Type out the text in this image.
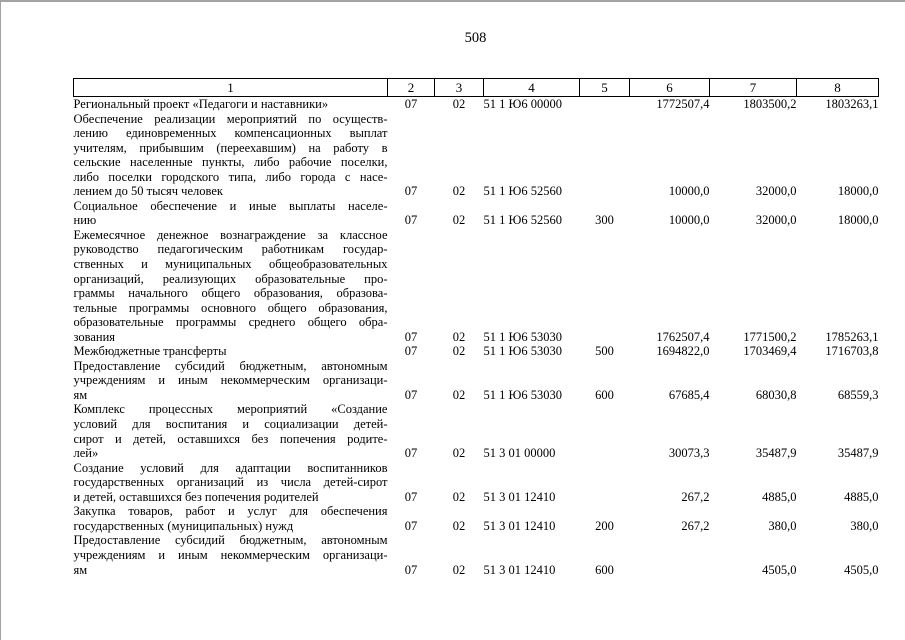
508
1	2	3	4	5	6	7	8

Региональный проект «Педагоги и наставники»	07	02	51 1 Ю6 00000		1772507,4	1803500,2	1803263,1

Обеспечение реализации мероприятий по осуществ-
лению единовременных компенсационных выплат
учителям, прибывшим (переехавшим) на работу в
сельские населенные пункты, либо рабочие поселки,
либо поселки городского типа, либо города с насе-
лением до 50 тысяч человек	07	02	51 1 Ю6 52560		10000,0	32000,0	18000,0

Социальное обеспечение и иные выплаты населе-
нию	07	02	51 1 Ю6 52560	300	10000,0	32000,0	18000,0

Ежемесячное денежное вознаграждение за классное
руководство педагогическим работникам государ-
ственных и муниципальных общеобразовательных
организаций, реализующих образовательные про-
граммы начального общего образования, образова-
тельные программы основного общего образования,
образовательные программы среднего общего обра-
зования	07	02	51 1 Ю6 53030		1762507,4	1771500,2	1785263,1

Межбюджетные трансферты	07	02	51 1 Ю6 53030	500	1694822,0	1703469,4	1716703,8

Предоставление субсидий бюджетным, автономным
учреждениям и иным некоммерческим организаци-
ям	07	02	51 1 Ю6 53030	600	67685,4	68030,8	68559,3

Комплекс процессных мероприятий «Создание
условий для воспитания и социализации детей-
сирот и детей, оставшихся без попечения родите-
лей»	07	02	51 3 01 00000		30073,3	35487,9	35487,9

Создание условий для адаптации воспитанников
государственных организаций из числа детей-сирот
и детей, оставшихся без попечения родителей	07	02	51 3 01 12410		267,2	4885,0	4885,0

Закупка товаров, работ и услуг для обеспечения
государственных (муниципальных) нужд	07	02	51 3 01 12410	200	267,2	380,0	380,0

Предоставление субсидий бюджетным, автономным
учреждениям и иным некоммерческим организаци-
ям	07	02	51 3 01 12410	600		4505,0	4505,0
